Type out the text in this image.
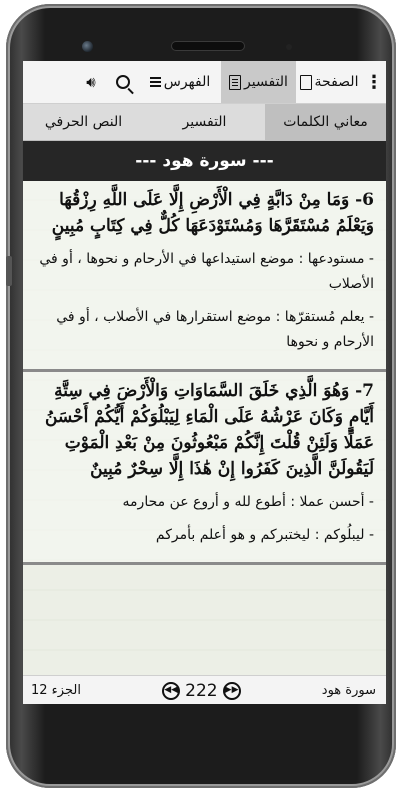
⋮
الصفحة
التفسير
الفهرس
🔊︎
معاني الكلمات
التفسير
النص الحرفي
--- سورة هود ---
6- وَمَا مِنْ دَابَّةٍ فِي الْأَرْضِ إِلَّا عَلَى اللَّهِ رِزْقُهَا وَيَعْلَمُ مُسْتَقَرَّهَا وَمُسْتَوْدَعَهَا كُلٌّ فِي كِتَابٍ مُبِينٍ
- مستودعها : موضع استيداعها في الأرحام و نحوها ، أو في الأصلاب
- يعلم مُستقرّها : موضع استقرارها في الأصلاب ، أو في الأرحام و نحوها
7- وَهُوَ الَّذِي خَلَقَ السَّمَاوَاتِ وَالْأَرْضَ فِي سِتَّةِ أَيَّامٍ وَكَانَ عَرْشُهُ عَلَى الْمَاءِ لِيَبْلُوَكُمْ أَيُّكُمْ أَحْسَنُ عَمَلًا وَلَئِنْ قُلْتَ إِنَّكُمْ مَبْعُوثُونَ مِنْ بَعْدِ الْمَوْتِ لَيَقُولَنَّ الَّذِينَ كَفَرُوا إِنْ هَٰذَا إِلَّا سِحْرٌ مُبِينٌ
- أحسن عملا : أطوع لله و أروع عن محارمه
- ليبلُوكم : ليختبركم و هو أعلم بأمركم
الجزء 12	◀◀ 222 ▶▶	سورة هود
